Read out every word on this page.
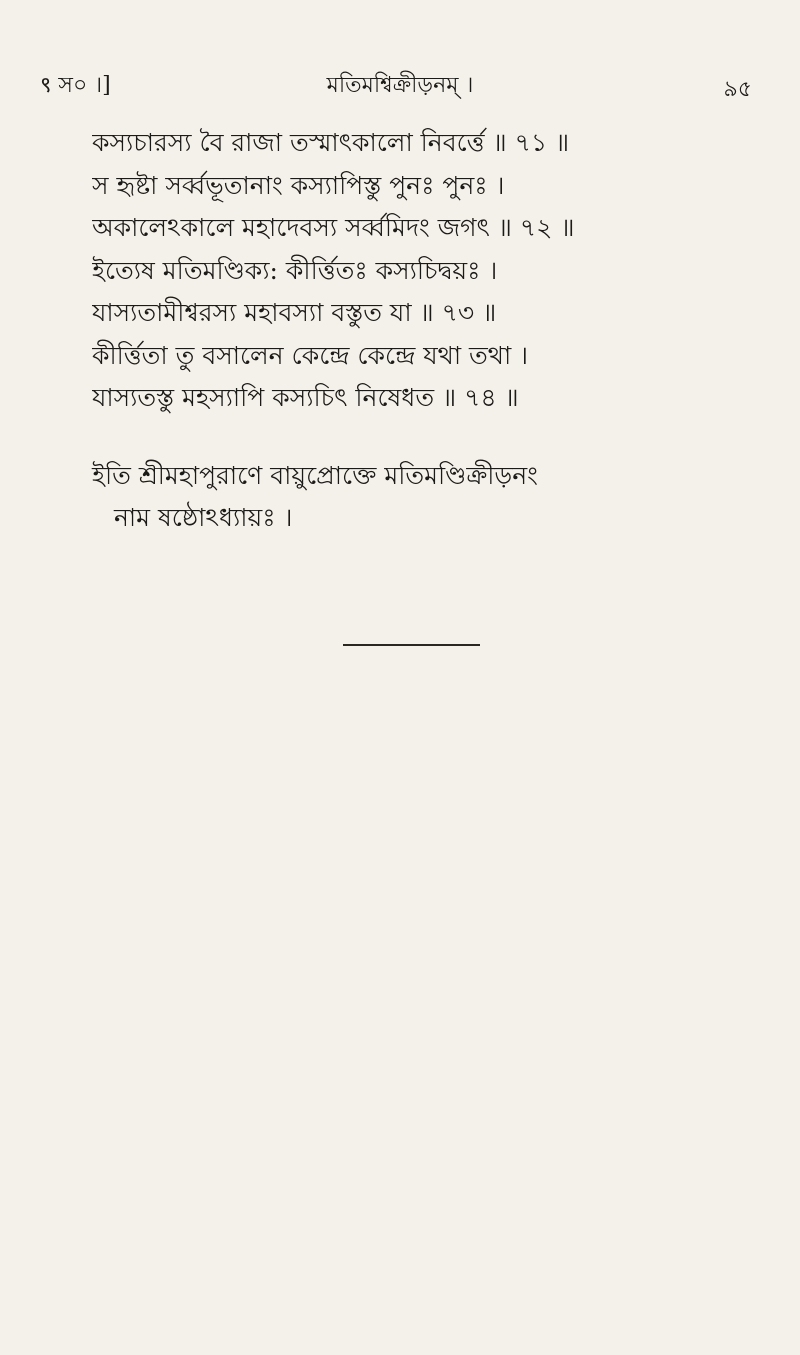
९ স০ ।]	মতিমশ্বিক্রীড়নম্ ।	৯৫
কস্যচারস্য বৈ রাজা তস্মাৎকালো নিবর্ত্তে ॥ ৭১ ॥
স হৃষ্টা সর্ব্বভূতানাং কস্যাপিস্তু পুনঃ পুনঃ ।
অকালেঽকালে মহাদেবস্য সর্ব্বমিদং জগৎ ॥ ৭২ ॥
ইত্যেষ মতিমণ্ডিক্য: কীর্ত্তিতঃ কস্যচিদ্বয়ঃ ।
যাস্যতামীশ্বরস্য মহাবস্যা বস্তুত যা ॥ ৭৩ ॥
কীর্ত্তিতা তু বসালেন কেন্দ্ৰে কেন্দ্রে যথা তথা ।
যাস্যতস্তু মহস্যাপি কস্যচিৎ নিষেধত ॥ ৭৪ ॥
ইতি শ্রীমহাপুরাণে বায়ুপ্রোক্তে মতিমণ্ডিক্রীড়নং
নাম ষষ্ঠোঽধ্যায়ঃ ।
